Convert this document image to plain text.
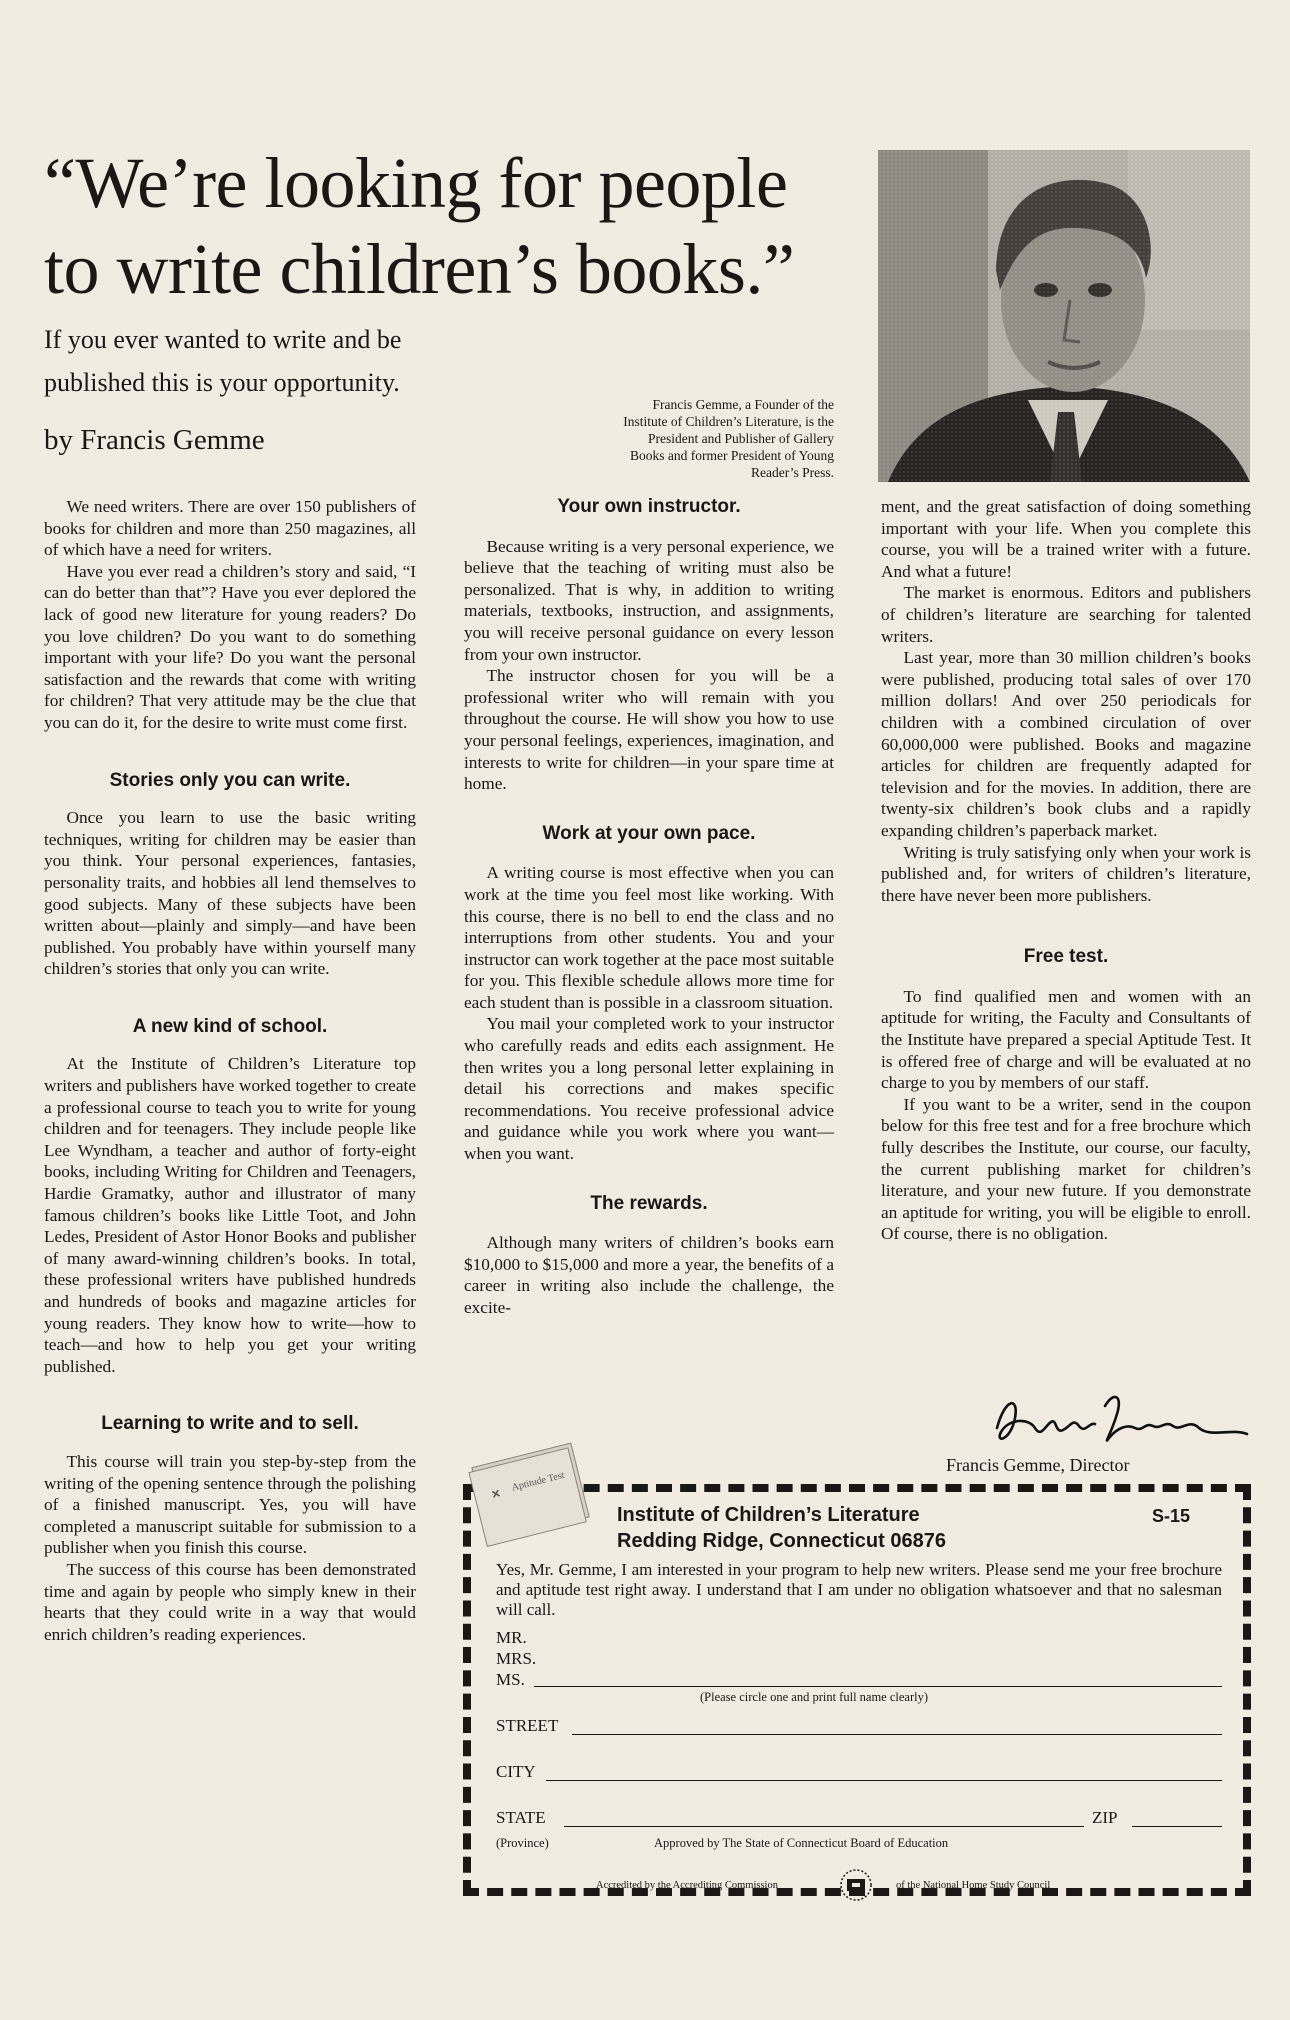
“We’re looking for people
to write children’s books.”

If you ever wanted to write and be
published this is your opportunity.

by Francis Gemme
Francis Gemme, a Founder of the
Institute of Children’s Literature, is the
President and Publisher of Gallery
Books and former President of Young
Reader’s Press.

We need writers. There are over 150 publishers of books for children and more than 250 magazines, all of which have a need for writers.

Have you ever read a children’s story and said, “I can do better than that”? Have you ever deplored the lack of good new literature for young readers? Do you love children? Do you want to do something important with your life? Do you want the personal satisfaction and the rewards that come with writing for children? That very attitude may be the clue that you can do it, for the desire to write must come first.

Stories only you can write.

Once you learn to use the basic writing techniques, writing for children may be easier than you think. Your personal experiences, fantasies, personality traits, and hobbies all lend themselves to good subjects. Many of these subjects have been written about—plainly and simply—and have been published. You probably have within yourself many children’s stories that only you can write.

A new kind of school.

At the Institute of Children’s Literature top writers and publishers have worked together to create a professional course to teach you to write for young children and for teenagers. They include people like Lee Wyndham, a teacher and author of forty-eight books, including Writing for Children and Teenagers, Hardie Gramatky, author and illustrator of many famous children’s books like Little Toot, and John Ledes, President of Astor Honor Books and publisher of many award-winning children’s books. In total, these professional writers have published hundreds and hundreds of books and magazine articles for young readers. They know how to write—how to teach—and how to help you get your writing published.

Learning to write and to sell.

This course will train you step-by-step from the writing of the opening sentence through the polishing of a finished manuscript. Yes, you will have completed a manuscript suitable for submission to a publisher when you finish this course.

The success of this course has been demonstrated time and again by people who simply knew in their hearts that they could write in a way that would enrich children’s reading experiences.

Your own instructor.

Because writing is a very personal experience, we believe that the teaching of writing must also be personalized. That is why, in addition to writing materials, textbooks, instruction, and assignments, you will receive personal guidance on every lesson from your own instructor.

The instructor chosen for you will be a professional writer who will remain with you throughout the course. He will show you how to use your personal feelings, experiences, imagination, and interests to write for children—in your spare time at home.

Work at your own pace.

A writing course is most effective when you can work at the time you feel most like working. With this course, there is no bell to end the class and no interruptions from other students. You and your instructor can work together at the pace most suitable for you. This flexible schedule allows more time for each student than is possible in a classroom situation.

You mail your completed work to your instructor who carefully reads and edits each assignment. He then writes you a long personal letter explaining in detail his corrections and makes specific recommendations. You receive professional advice and guidance while you work where you want—when you want.

The rewards.

Although many writers of children’s books earn $10,000 to $15,000 and more a year, the benefits of a career in writing also include the challenge, the excite-

ment, and the great satisfaction of doing something important with your life. When you complete this course, you will be a trained writer with a future. And what a future!

The market is enormous. Editors and publishers of children’s literature are searching for talented writers.

Last year, more than 30 million children’s books were published, producing total sales of over 170 million dollars! And over 250 periodicals for children with a combined circulation of over 60,000,000 were published. Books and magazine articles for children are frequently adapted for television and for the movies. In addition, there are twenty-six children’s book clubs and a rapidly expanding children’s paperback market.

Writing is truly satisfying only when your work is published and, for writers of children’s literature, there have never been more publishers.

Free test.

To find qualified men and women with an aptitude for writing, the Faculty and Consultants of the Institute have prepared a special Aptitude Test. It is offered free of charge and will be evaluated at no charge to you by members of our staff.

If you want to be a writer, send in the coupon below for this free test and for a free brochure which fully describes the Institute, our course, our faculty, the current publishing market for children’s literature, and your new future. If you demonstrate an aptitude for writing, you will be eligible to enroll. Of course, there is no obligation.

Francis Gemme, Director
Aptitude Test
Institute of Children’s Literature
Redding Ridge, Connecticut 06876
S-15
Yes, Mr. Gemme, I am interested in your program to help new writers. Please send me your free brochure and aptitude test right away. I understand that I am under no obligation whatsoever and that no salesman will call.
MR.
MRS.
MS.
(Please circle one and print full name clearly)
STREET
CITY
STATE	ZIP
(Province)	Approved by The State of Connecticut Board of Education
Accredited by the Accrediting Commission	of the National Home Study Council
